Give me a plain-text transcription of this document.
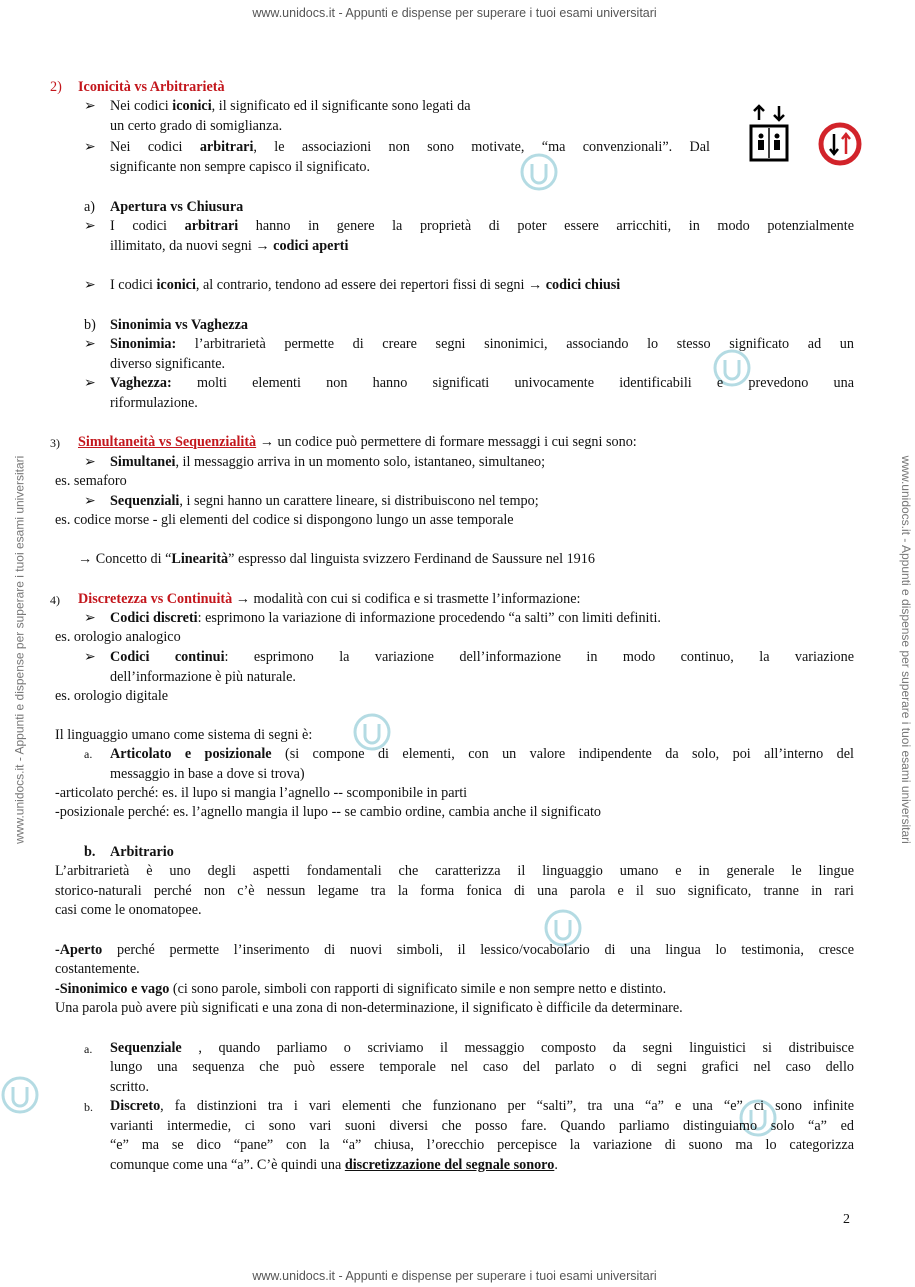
www.unidocs.it - Appunti e dispense per superare i tuoi esami universitari
www.unidocs.it - Appunti e dispense per superare i tuoi esami universitari
www.unidocs.it - Appunti e dispense per superare i tuoi esami universitari	www.unidocs.it - Appunti e dispense per superare i tuoi esami universitari
2) Iconicità vs Arbitrarietà
➢ Nei codici iconici, il significato ed il significante sono legati da
un certo grado di somiglianza.
➢ Nei codici arbitrari, le associazioni non sono motivate, “ma convenzionali”. Dal
significante non sempre capisco il significato.
a) Apertura vs Chiusura
➢ I codici arbitrari hanno in genere la proprietà di poter essere arricchiti, in modo potenzialmente
illimitato, da nuovi segni → codici aperti
➢ I codici iconici, al contrario, tendono ad essere dei repertori fissi di segni → codici chiusi
b) Sinonimia vs Vaghezza
➢ Sinonimia: l’arbitrarietà permette di creare segni sinonimici, associando lo stesso significato ad un
diverso significante.
➢ Vaghezza: molti elementi non hanno significati univocamente identificabili e prevedono una
riformulazione.
3) Simultaneità vs Sequenzialità → un codice può permettere di formare messaggi i cui segni sono:
➢ Simultanei, il messaggio arriva in un momento solo, istantaneo, simultaneo;
es. semaforo
➢ Sequenziali, i segni hanno un carattere lineare, si distribuiscono nel tempo;
es. codice morse - gli elementi del codice si dispongono lungo un asse temporale
→ Concetto di “Linearità” espresso dal linguista svizzero Ferdinand de Saussure nel 1916
4) Discretezza vs Continuità → modalità con cui si codifica e si trasmette l’informazione:
➢ Codici discreti: esprimono la variazione di informazione procedendo “a salti” con limiti definiti.
es. orologio analogico
➢ Codici continui: esprimono la variazione dell’informazione in modo continuo, la variazione
dell’informazione è più naturale.
es. orologio digitale
Il linguaggio umano come sistema di segni è:
a. Articolato e posizionale (si compone di elementi, con un valore indipendente da solo, poi all’interno del
messaggio in base a dove si trova)
-articolato perché: es. il lupo si mangia l’agnello -- scomponibile in parti
-posizionale perché: es. l’agnello mangia il lupo -- se cambio ordine, cambia anche il significato
b. Arbitrario
L’arbitrarietà è uno degli aspetti fondamentali che caratterizza il linguaggio umano e in generale le lingue
storico-naturali perché non c’è nessun legame tra la forma fonica di una parola e il suo significato, tranne in rari
casi come le onomatopee.
-Aperto perché permette l’inserimento di nuovi simboli, il lessico/vocabolario di una lingua lo testimonia, cresce
costantemente.
-Sinonimico e vago (ci sono parole, simboli con rapporti di significato simile e non sempre netto e distinto.
Una parola può avere più significati e una zona di non-determinazione, il significato è difficile da determinare.
a. Sequenziale , quando parliamo o scriviamo il messaggio composto da segni linguistici si distribuisce
lungo una sequenza che può essere temporale nel caso del parlato o di segni grafici nel caso dello
scritto.
b. Discreto, fa distinzioni tra i vari elementi che funzionano per “salti”, tra una “a” e una “e” ci sono infinite
varianti intermedie, ci sono vari suoni diversi che posso fare. Quando parliamo distinguiamo solo “a” ed
“e” ma se dico “pane” con la “a” chiusa, l’orecchio percepisce la variazione di suono ma lo categorizza
comunque come una “a”. C’è quindi una discretizzazione del segnale sonoro.
2
